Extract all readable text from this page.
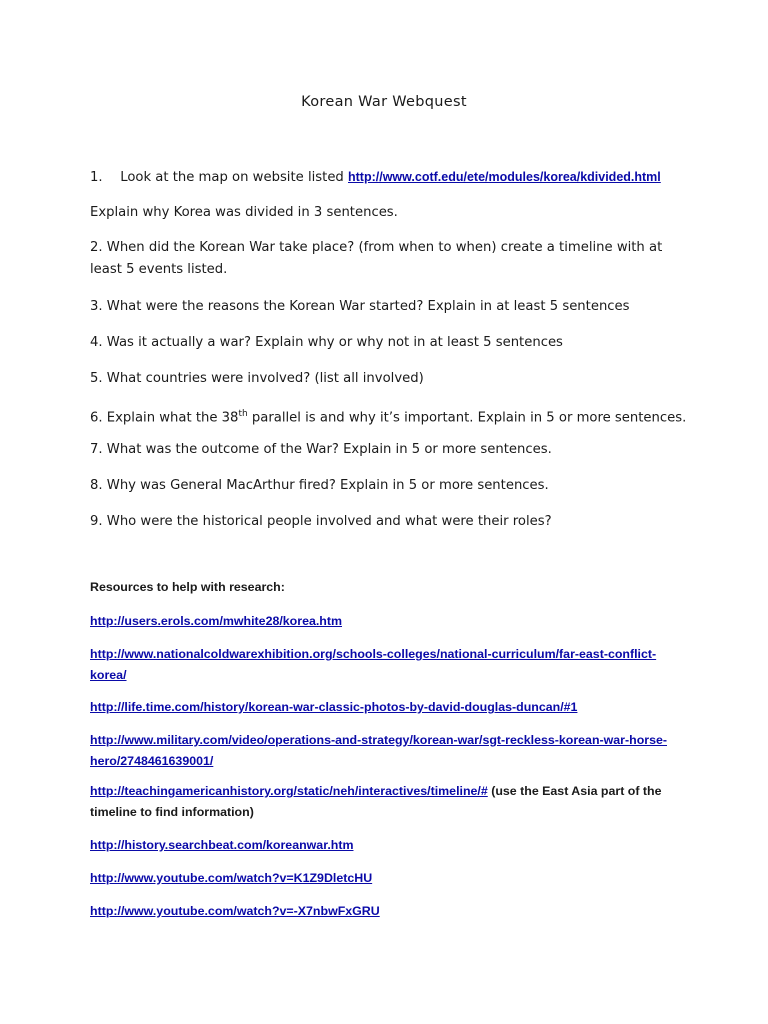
Korean War Webquest
1. Look at the map on website listed http://www.cotf.edu/ete/modules/korea/kdivided.html
Explain why Korea was divided in 3 sentences.
2. When did the Korean War take place? (from when to when) create a timeline with at least 5 events listed.
3. What were the reasons the Korean War started? Explain in at least 5 sentences
4. Was it actually a war? Explain why or why not in at least 5 sentences
5. What countries were involved? (list all involved)
6. Explain what the 38th parallel is and why it’s important. Explain in 5 or more sentences.
7. What was the outcome of the War? Explain in 5 or more sentences.
8. Why was General MacArthur fired? Explain in 5 or more sentences.
9. Who were the historical people involved and what were their roles?
Resources to help with research:
http://users.erols.com/mwhite28/korea.htm
http://www.nationalcoldwarexhibition.org/schools-colleges/national-curriculum/far-east-conflict-
korea/
http://life.time.com/history/korean-war-classic-photos-by-david-douglas-duncan/#1
http://www.military.com/video/operations-and-strategy/korean-war/sgt-reckless-korean-war-horse-
hero/2748461639001/
http://teachingamericanhistory.org/static/neh/interactives/timeline/# (use the East Asia part of the
timeline to find information)
http://history.searchbeat.com/koreanwar.htm
http://www.youtube.com/watch?v=K1Z9DletcHU
http://www.youtube.com/watch?v=-X7nbwFxGRU
